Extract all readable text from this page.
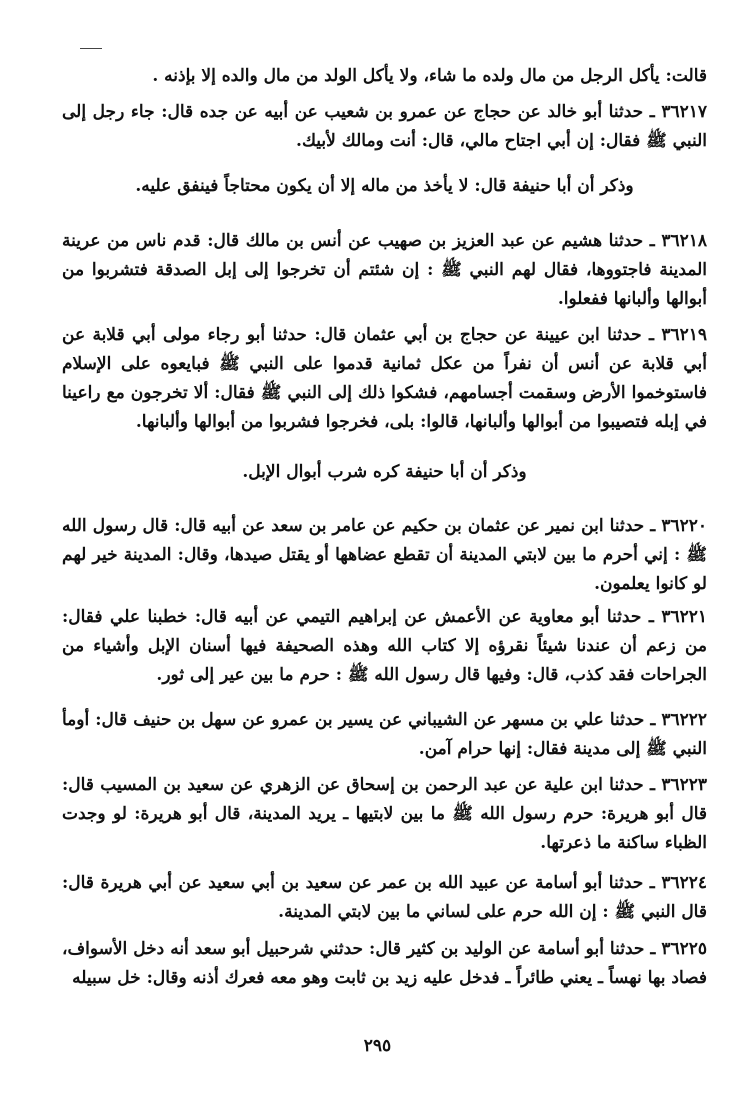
قالت: يأكل الرجل من مال ولده ما شاء، ولا يأكل الولد من مال والده إلا بإذنه .
٣٦٢١٧ ـ حدثنا أبو خالد عن حجاج عن عمرو بن شعيب عن أبيه عن جده قال: جاء رجل إلى النبي ﷺ فقال: إن أبي اجتاح مالي، قال: أنت ومالك لأبيك.
وذكر أن أبا حنيفة قال: لا يأخذ من ماله إلا أن يكون محتاجاً فينفق عليه.
٣٦٢١٨ ـ حدثنا هشيم عن عبد العزيز بن صهيب عن أنس بن مالك قال: قدم ناس من عرينة المدينة فاجتووها، فقال لهم النبي ﷺ : إن شئتم أن تخرجوا إلى إبل الصدقة فتشربوا من أبوالها وألبانها ففعلوا.
٣٦٢١٩ ـ حدثنا ابن عيينة عن حجاج بن أبي عثمان قال: حدثنا أبو رجاء مولى أبي قلابة عن أبي قلابة عن أنس أن نفراً من عكل ثمانية قدموا على النبي ﷺ فبايعوه على الإسلام فاستوخموا الأرض وسقمت أجسامهم، فشكوا ذلك إلى النبي ﷺ فقال: ألا تخرجون مع راعينا في إبله فتصيبوا من أبوالها وألبانها، قالوا: بلى، فخرجوا فشربوا من أبوالها وألبانها.
وذكر أن أبا حنيفة كره شرب أبوال الإبل.
٣٦٢٢٠ ـ حدثنا ابن نمير عن عثمان بن حكيم عن عامر بن سعد عن أبيه قال: قال رسول الله ﷺ : إني أحرم ما بين لابتي المدينة أن تقطع عضاهها أو يقتل صيدها، وقال: المدينة خير لهم لو كانوا يعلمون.
٣٦٢٢١ ـ حدثنا أبو معاوية عن الأعمش عن إبراهيم التيمي عن أبيه قال: خطبنا علي فقال: من زعم أن عندنا شيئاً نقرؤه إلا كتاب الله وهذه الصحيفة فيها أسنان الإبل وأشياء من الجراحات فقد كذب، قال: وفيها قال رسول الله ﷺ : حرم ما بين عير إلى ثور.
٣٦٢٢٢ ـ حدثنا علي بن مسهر عن الشيباني عن يسير بن عمرو عن سهل بن حنيف قال: أومأ النبي ﷺ إلى مدينة فقال: إنها حرام آمن.
٣٦٢٢٣ ـ حدثنا ابن علية عن عبد الرحمن بن إسحاق عن الزهري عن سعيد بن المسيب قال: قال أبو هريرة: حرم رسول الله ﷺ ما بين لابتيها ـ يريد المدينة، قال أبو هريرة: لو وجدت الظباء ساكنة ما ذعرتها.
٣٦٢٢٤ ـ حدثنا أبو أسامة عن عبيد الله بن عمر عن سعيد بن أبي سعيد عن أبي هريرة قال: قال النبي ﷺ : إن الله حرم على لساني ما بين لابتي المدينة.
٣٦٢٢٥ ـ حدثنا أبو أسامة عن الوليد بن كثير قال: حدثني شرحبيل أبو سعد أنه دخل الأسواف، فصاد بها نهساً ـ يعني طائراً ـ فدخل عليه زيد بن ثابت وهو معه فعرك أذنه وقال: خل سبيله
٢٩٥
